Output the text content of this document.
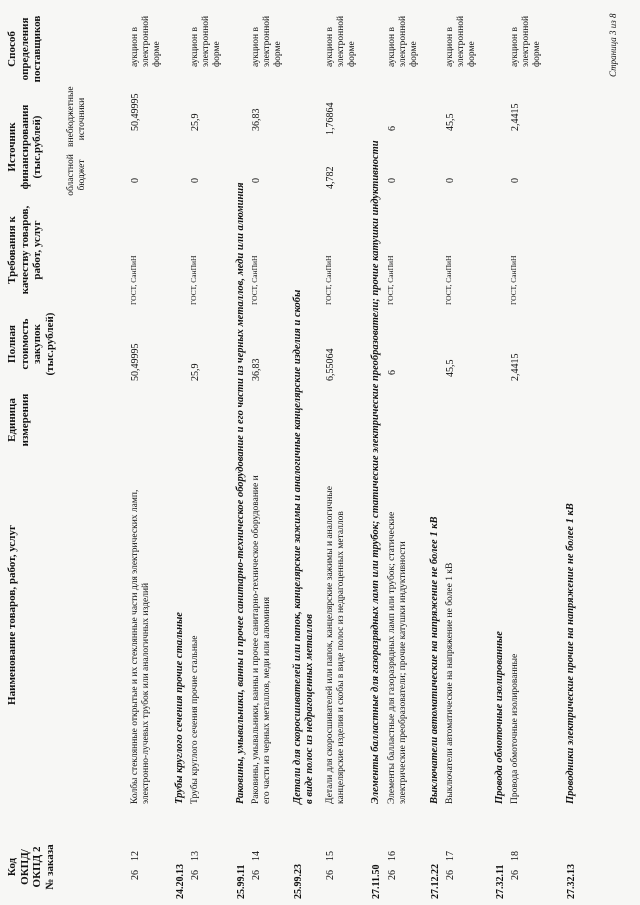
Код ОКПД/ ОКПД 2 № заказа
Наименование товаров, работ, услуг
Единица измерения
Полная стоимость закупок (тыс.рублей)
Требования к качеству товаров, работ, услуг
Источник финансирования (тыс.рублей) областной бюджет
внебюджетные источники
Способ определения поставщиков
26
12
Колбы стеклянные открытые и их стеклянные части для электрических ламп, электронно-лучевых трубок или аналогичных изделий
50,49995
ГОСТ, СанПиН
0
50,49995
аукцион в электронной форме
24.20.13
Трубы круглого сечения прочие стальные
26
13
Трубы круглого сечения прочие стальные
25,9
ГОСТ, СанПиН
0
25,9
аукцион в электронной форме
25.99.11
Раковины, умывальники, ванны и прочее санитарно-техническое оборудование и его части из черных металлов, меди или алюминия
26
14
Раковины, умывальники, ванны и прочее санитарно-техническое оборудование и его части из черных металлов, меди или алюминия
36,83
ГОСТ, СанПиН
0
36,83
аукцион в электронной форме
25.99.23
Детали для скоросшивателей или папок, канцелярские зажимы и аналогичные канцелярские изделия и скобы в виде полос из недрагоценных металлов
26
15
Детали для скоросшивателей или папок, канцелярские зажимы и аналогичные канцелярские изделия и скобы в виде полос из недрагоценных металлов
6,55064
ГОСТ, СанПиН
4,782
1,76864
аукцион в электронной форме
27.11.50
Элементы балластные для газоразрядных ламп или трубок; статические электрические преобразователи; прочие катушки индуктивности
26
16
Элементы балластные для газоразрядных ламп или трубок; статические электрические преобразователи; прочие катушки индуктивности
6
ГОСТ, СанПиН
0
6
аукцион в электронной форме
27.12.22
Выключатели автоматические на напряжение не более 1 кВ
26
17
Выключатели автоматические на напряжение не более 1 кВ
45,5
ГОСТ, СанПиН
0
45,5
аукцион в электронной форме
27.32.11
Провода обмоточные изолированные
26
18
Провода обмоточные изолированные
2,4415
ГОСТ, СанПиН
0
2,4415
аукцион в электронной форме
27.32.13
Проводники электрические прочие на напряжение не более 1 кВ
Страница 3 из 8
